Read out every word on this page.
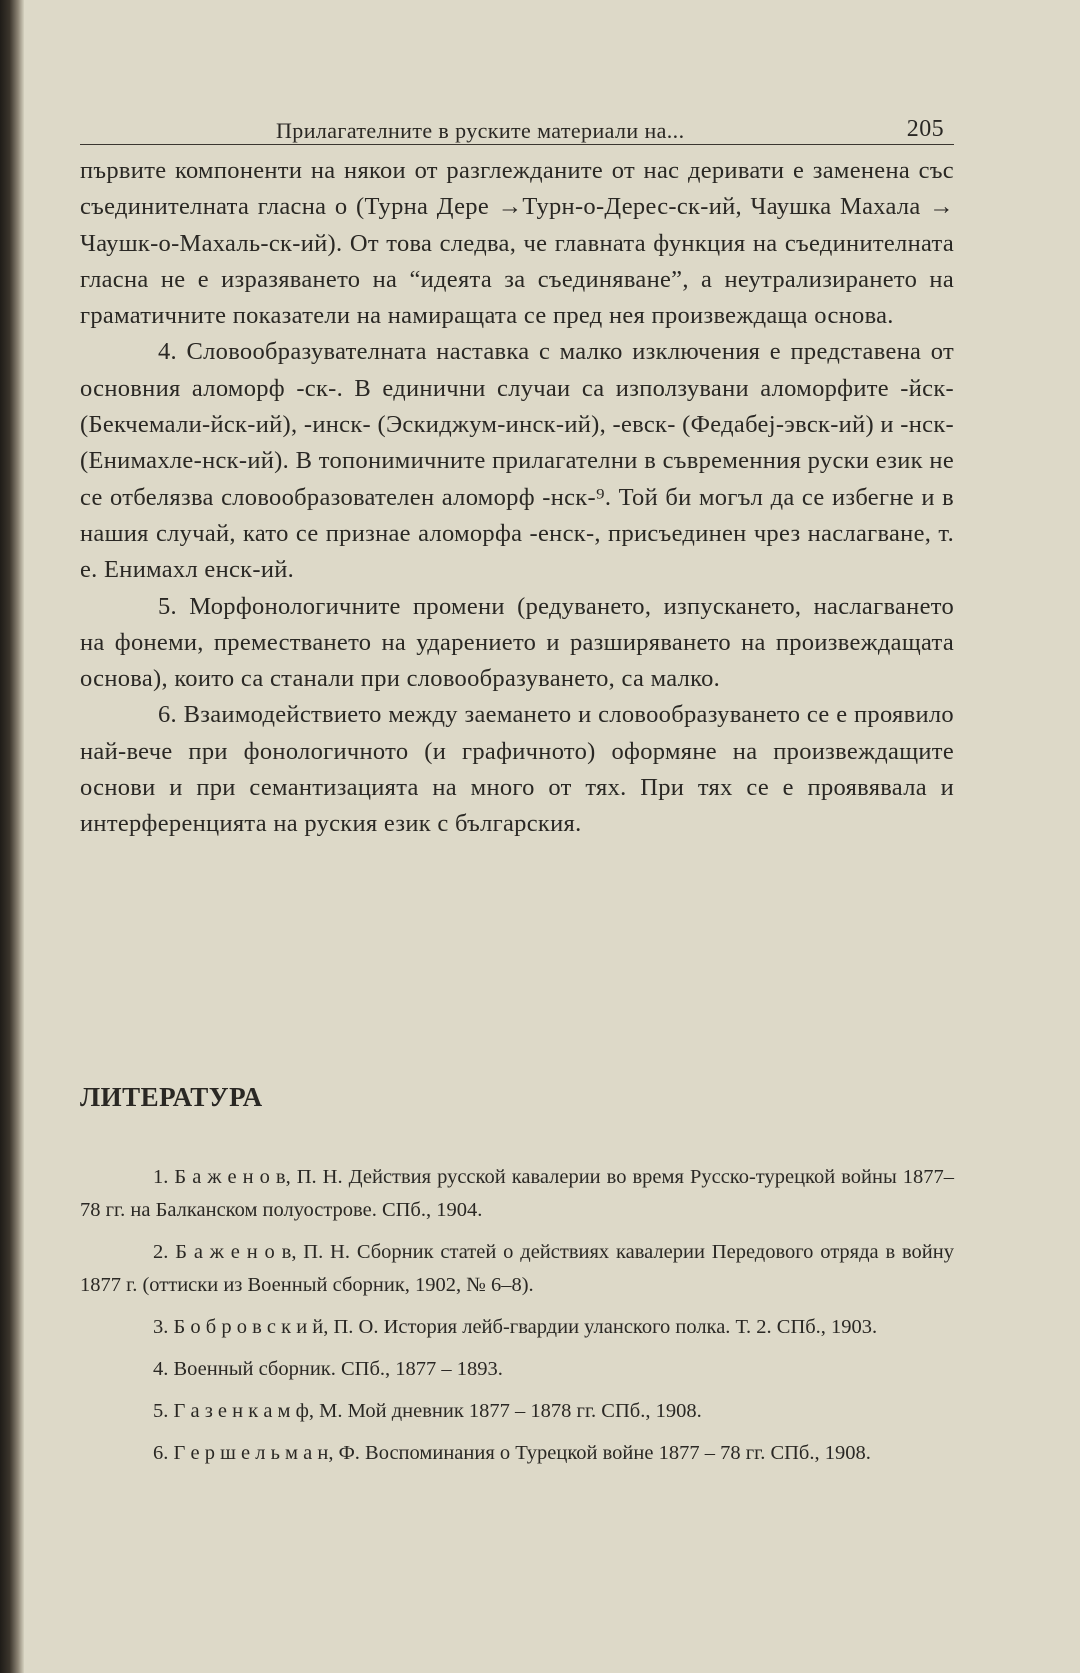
Прилагателните в руските материали на...	205

първите компоненти на някои от разглежданите от нас деривати е заменена със съединителната гласна о (Турна Дере →Турн-о-Дерес-ск-ий, Чаушка Махала → Чаушк-о-Махаль-ск-ий). От това следва, че главната функция на съединителната гласна не е изразяването на “идеята за съединяване”, а неутрализирането на граматичните показатели на намиращата се пред нея произвеждаща основа.

4. Словообразувателната наставка с малко изключения е представена от основния аломорф -ск-. В единични случаи са използувани аломорфите -йск- (Бекчемали-йск-ий), -инск- (Эскиджум-инск-ий), -евск- (Федабеј-эвск-ий) и -нск- (Енимахле-нск-ий). В топонимичните прилагателни в съвременния руски език не се отбелязва словообразователен аломорф -нск-⁹. Той би могъл да се избегне и в нашия случай, като се признае аломорфа -енск-, присъединен чрез наслагване, т. е. Енимахл енск-ий.

5. Морфонологичните промени (редуването, изпускането, наслагването на фонеми, преместването на ударението и разширяването на произвеждащата основа), които са станали при словообразуването, са малко.

6. Взаимодействието между заемането и словообразуването се е проявило най-вече при фонологичното (и графичното) оформяне на произвеждащите основи и при семантизацията на много от тях. При тях се е проявявала и интерференцията на руския език с българския.

ЛИТЕРАТУРА

1. Б а ж е н о в, П. Н. Действия русской кавалерии во время Русско-турецкой войны 1877–78 гг. на Балканском полуострове. СПб., 1904.

2. Б а ж е н о в, П. Н. Сборник статей о действиях кавалерии Передового отряда в войну 1877 г. (оттиски из Военный сборник, 1902, № 6–8).

3. Б о б р о в с к и й, П. О. История лейб-гвардии уланского полка. Т. 2. СПб., 1903.

4. Военный сборник. СПб., 1877 – 1893.

5. Г а з е н к а м ф, М. Мой дневник 1877 – 1878 гг. СПб., 1908.

6. Г е р ш е л ь м а н, Ф. Воспоминания о Турецкой войне 1877 – 78 гг. СПб., 1908.
